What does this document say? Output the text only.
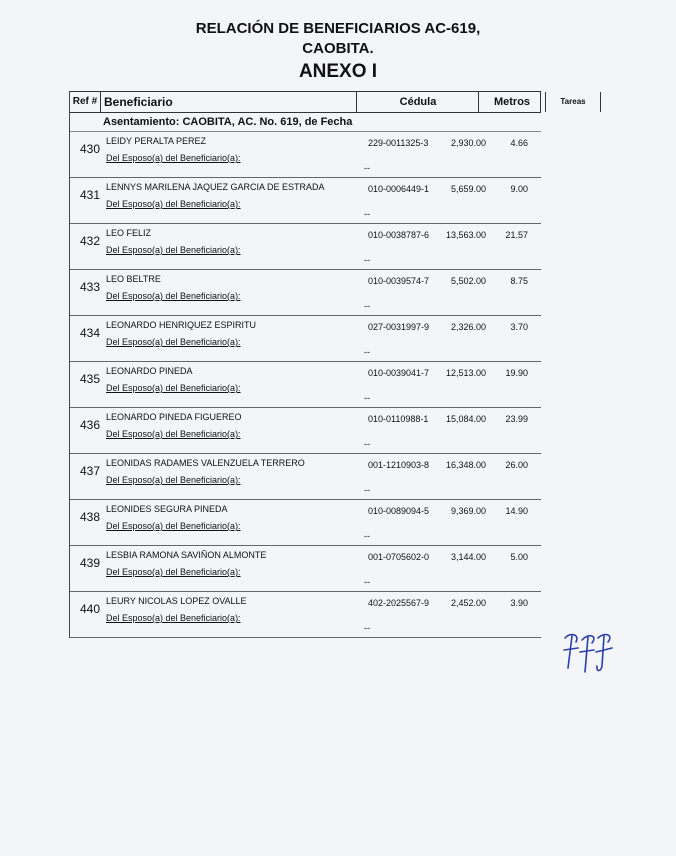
RELACIÓN DE BENEFICIARIOS AC-619,
CAOBITA.
ANEXO I
Ref # Beneficiario	Cédula	Metros	Tareas
Asentamiento: CAOBITA, AC. No. 619, de Fecha
430
LEIDY PERALTA PEREZ
Del Esposo(a) del Beneficiario(a):
--
229-0011325-3	2,930.00	4.66
431
LENNYS MARILENA JAQUEZ GARCIA DE ESTRADA
Del Esposo(a) del Beneficiario(a):
--
010-0006449-1	5,659.00	9.00
432
LEO FELIZ
Del Esposo(a) del Beneficiario(a):
--
010-0038787-6	13,563.00	21.57
433
LEO BELTRE
Del Esposo(a) del Beneficiario(a):
--
010-0039574-7	5,502.00	8.75
434
LEONARDO HENRIQUEZ ESPIRITU
Del Esposo(a) del Beneficiario(a):
--
027-0031997-9	2,326.00	3.70
435
LEONARDO PINEDA
Del Esposo(a) del Beneficiario(a):
--
010-0039041-7	12,513.00	19.90
436
LEONARDO PINEDA FIGUEREO
Del Esposo(a) del Beneficiario(a):
--
010-0110988-1	15,084.00	23.99
437
LEONIDAS RADAMES VALENZUELA TERRERO
Del Esposo(a) del Beneficiario(a):
--
001-1210903-8	16,348.00	26.00
438
LEONIDES SEGURA PINEDA
Del Esposo(a) del Beneficiario(a):
--
010-0089094-5	9,369.00	14.90
439
LESBIA RAMONA SAVIÑON ALMONTE
Del Esposo(a) del Beneficiario(a):
--
001-0705602-0	3,144.00	5.00
440
LEURY NICOLAS LOPEZ OVALLE
Del Esposo(a) del Beneficiario(a):
--
402-2025567-9	2,452.00	3.90
